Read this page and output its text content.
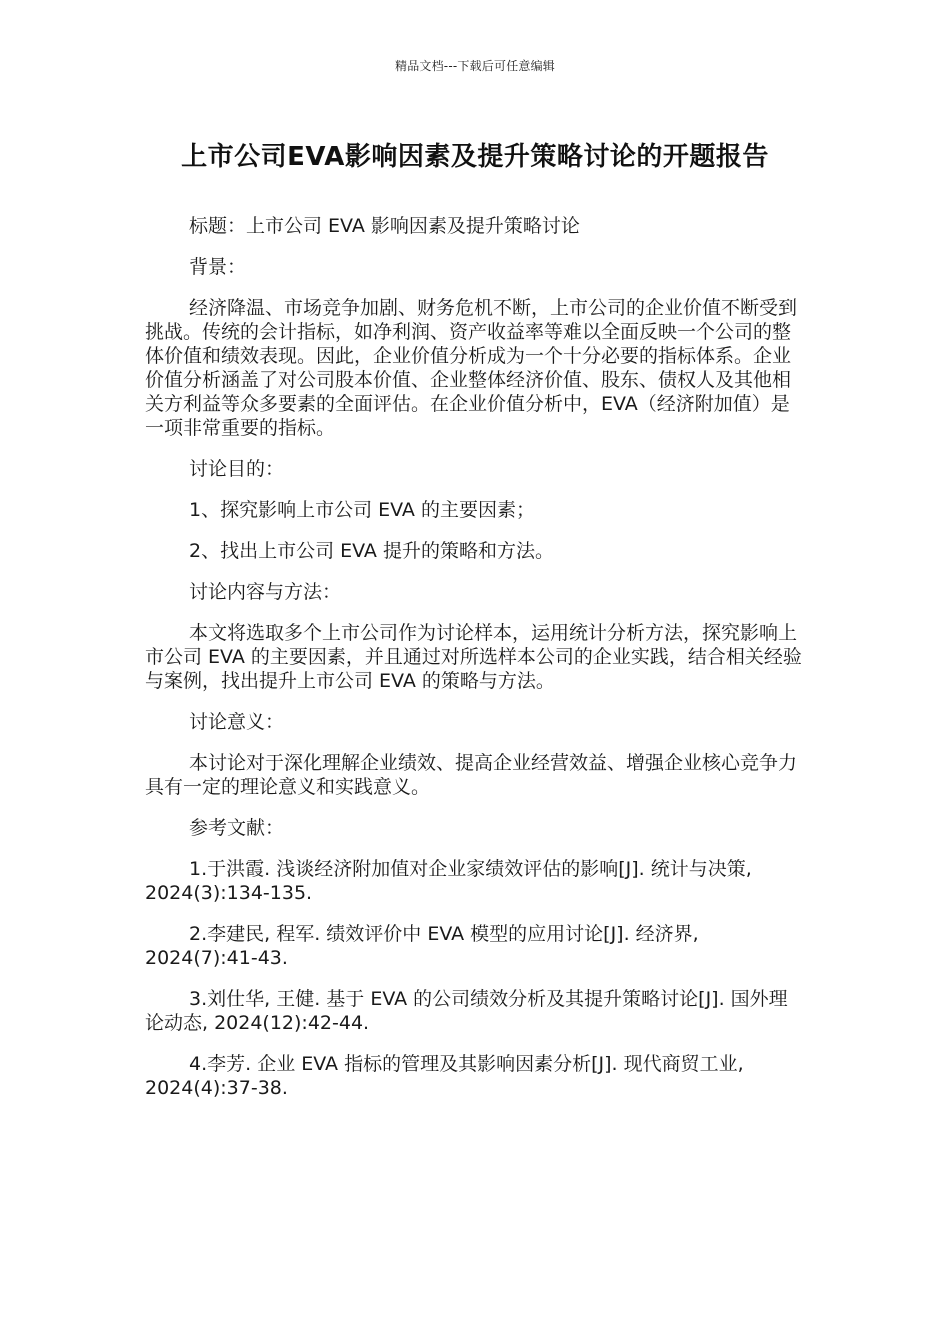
精品文档---下载后可任意编辑
上市公司EVA影响因素及提升策略讨论的开题报告

标题：上市公司 EVA 影响因素及提升策略讨论

背景：

经济降温、市场竞争加剧、财务危机不断，上市公司的企业价值不断受到挑战。传统的会计指标，如净利润、资产收益率等难以全面反映一个公司的整体价值和绩效表现。因此，企业价值分析成为一个十分必要的指标体系。企业价值分析涵盖了对公司股本价值、企业整体经济价值、股东、债权人及其他相关方利益等众多要素的全面评估。在企业价值分析中，EVA（经济附加值）是一项非常重要的指标。

讨论目的：

1、探究影响上市公司 EVA 的主要因素；

2、找出上市公司 EVA 提升的策略和方法。

讨论内容与方法：

本文将选取多个上市公司作为讨论样本，运用统计分析方法，探究影响上市公司 EVA 的主要因素，并且通过对所选样本公司的企业实践，结合相关经验与案例，找出提升上市公司 EVA 的策略与方法。

讨论意义：

本讨论对于深化理解企业绩效、提高企业经营效益、增强企业核心竞争力具有一定的理论意义和实践意义。

参考文献：

1.于洪霞. 浅谈经济附加值对企业家绩效评估的影响[J]. 统计与决策, 2024(3):134-135.

2.李建民, 程军. 绩效评价中 EVA 模型的应用讨论[J]. 经济界, 2024(7):41-43.

3.刘仕华, 王健. 基于 EVA 的公司绩效分析及其提升策略讨论[J]. 国外理论动态, 2024(12):42-44.

4.李芳. 企业 EVA 指标的管理及其影响因素分析[J]. 现代商贸工业, 2024(4):37-38.
